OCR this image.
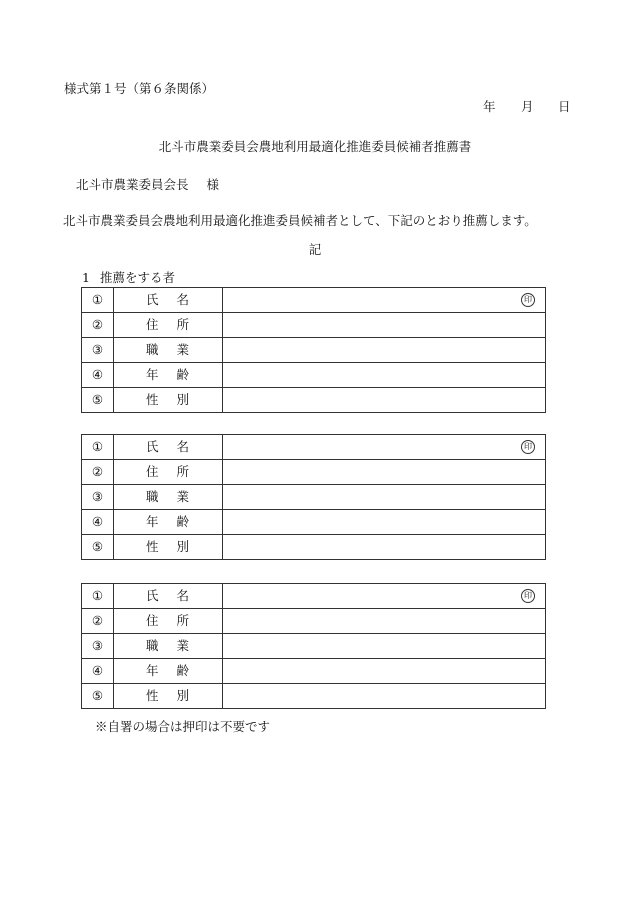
様式第１号（第６条関係）
年 月 日
北斗市農業委員会農地利用最適化推進委員候補者推薦書
北斗市農業委員会長 様
北斗市農業委員会農地利用最適化推進委員候補者として、下記のとおり推薦します。
記
1 推薦をする者
①	氏 名	印

②	住 所	

③	職 業	

④	年 齢	

⑤	性 別	

①	氏 名	印

②	住 所	

③	職 業	

④	年 齢	

⑤	性 別	

①	氏 名	印

②	住 所	

③	職 業	

④	年 齢	

⑤	性 別	

※自署の場合は押印は不要です
